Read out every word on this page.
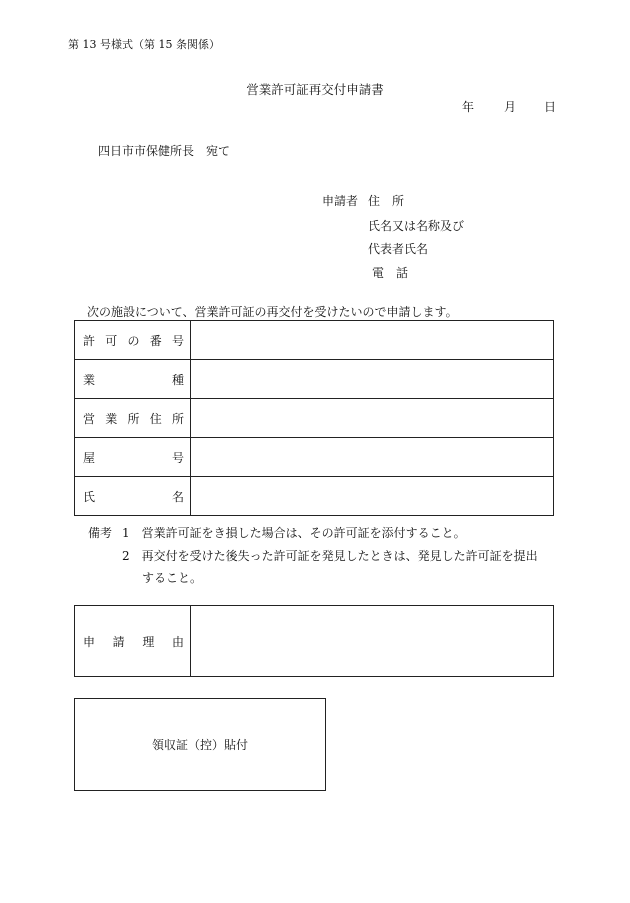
第 13 号様式（第 15 条関係）
営業許可証再交付申請書
年	月 日
四日市市保健所長　宛て
申請者 住　所
氏名又は名称及び
代表者氏名
電　話
次の施設について、営業許可証の再交付を受けたいので申請します。
許 可 の 番 号	

業 種	

営 業 所 住 所	

屋 号	

氏 名	

備考 1　 営業許可証をき損した場合は、その許可証を添付すること。
2　 再交付を受けた後失った許可証を発見したときは、発見した許可証を提出
すること。
申 請 理 由

領収証（控）貼付
